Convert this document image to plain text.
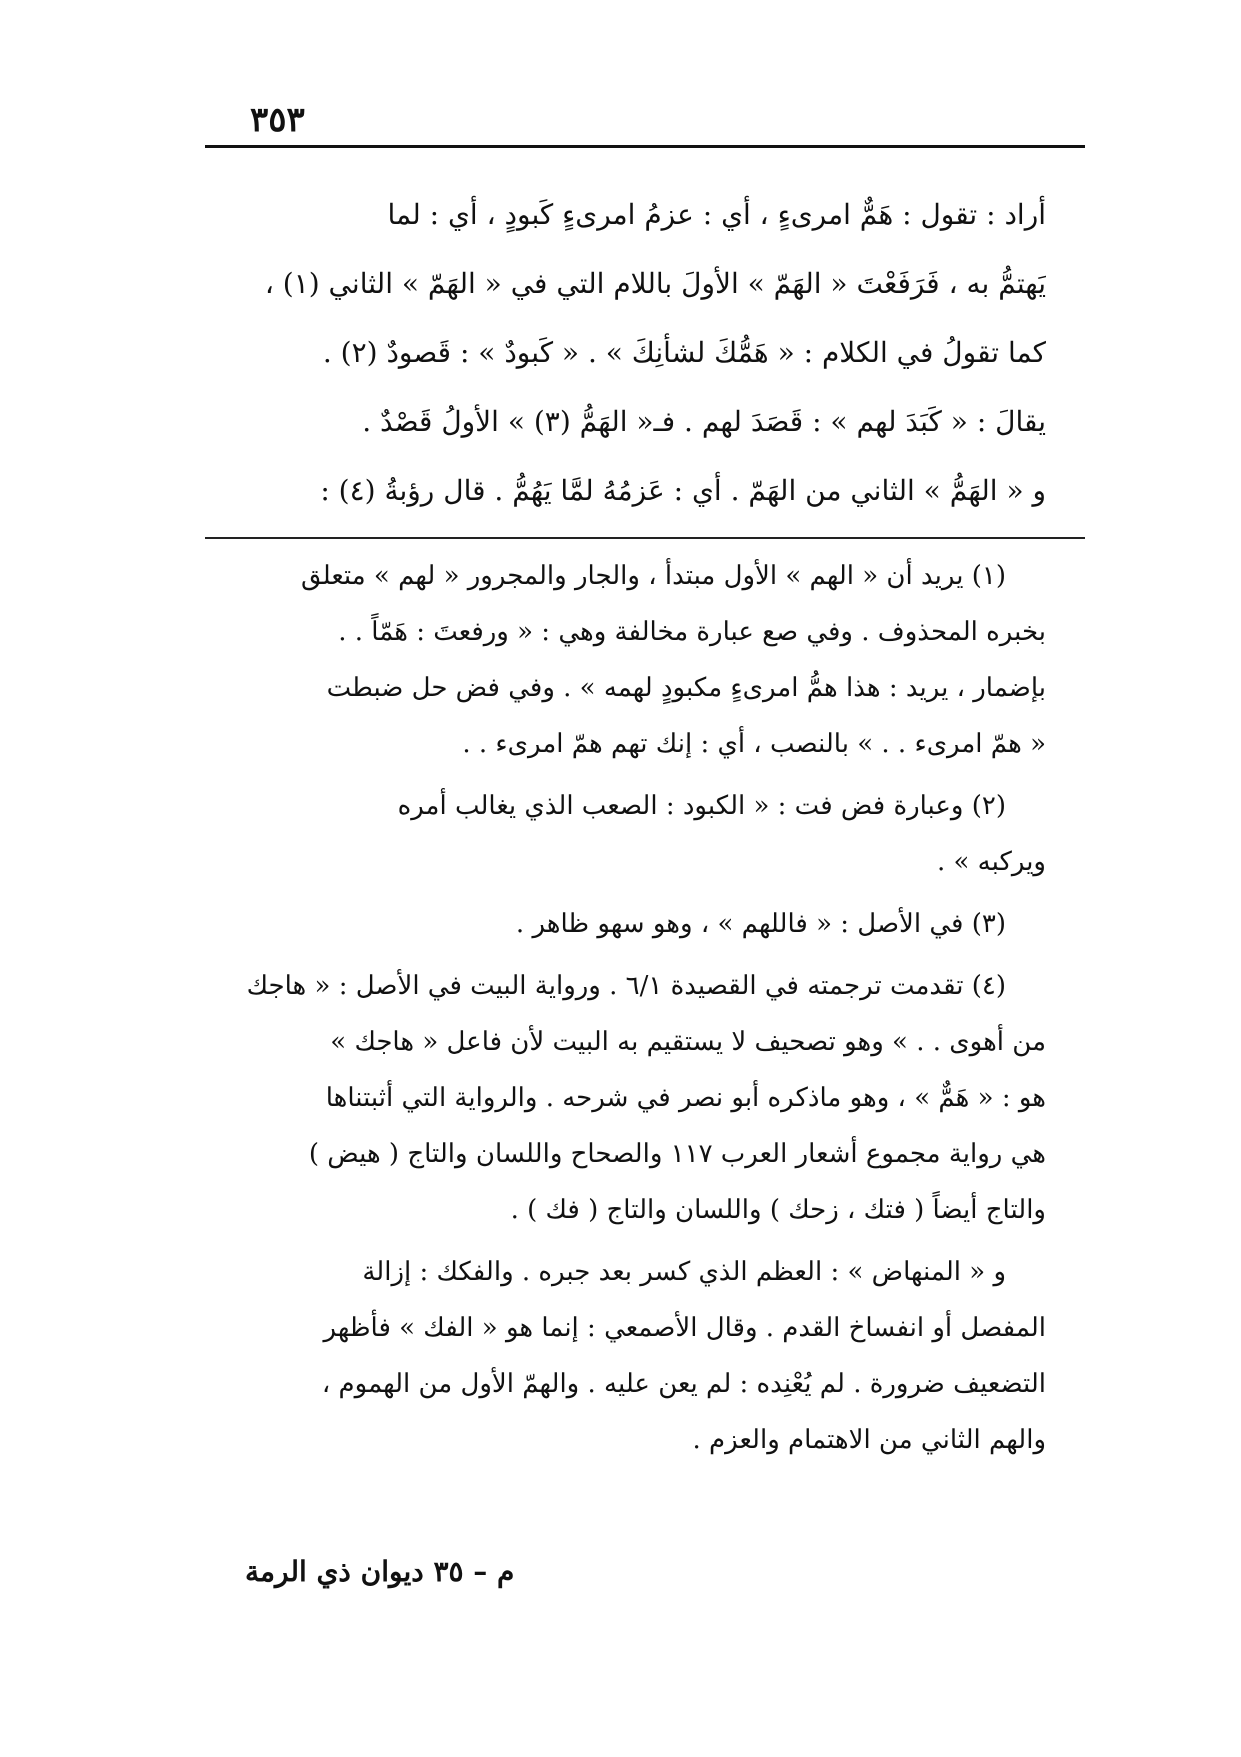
٣٥٣
أراد : تقول : هَمٌّ امرىءٍ ، أي : عزمُ امرىءٍ كَبودٍ ، أي : لما
يَهتمُّ به ، فَرَفَعْتَ « الهَمّ » الأولَ باللام التي في « الهَمّ » الثاني (١) ،
كما تقولُ في الكلام : « هَمُّكَ لشأنِكَ » . « كَبودٌ » : قَصودٌ (٢) .
يقالَ : « كَبَدَ لهم » : قَصَدَ لهم . فـ« الهَمُّ (٣) » الأولُ قَصْدٌ .
و « الهَمُّ » الثاني من الهَمّ . أي : عَزمُهُ لمَّا يَهُمُّ . قال رؤبةُ (٤) :
(١) يريد أن « الهم » الأول مبتدأ ، والجار والمجرور « لهم » متعلق
بخبره المحذوف . وفي صع عبارة مخالفة وهي : « ورفعتَ : هَمّاً . .
بإضمار ، يريد : هذا همُّ امرىءٍ مكبودٍ لهمه » . وفي فض حل ضبطت
« همّ امرىء . . » بالنصب ، أي : إنك تهم همّ امرىء . .
(٢) وعبارة فض فت : « الكبود : الصعب الذي يغالب أمره
ويركبه » .
(٣) في الأصل : « فاللهم » ، وهو سهو ظاهر .
(٤) تقدمت ترجمته في القصيدة ٦/١ . ورواية البيت في الأصل : « هاجك
من أهوى . . » وهو تصحيف لا يستقيم به البيت لأن فاعل « هاجك »
هو : « هَمٌّ » ، وهو ماذكره أبو نصر في شرحه . والرواية التي أثبتناها
هي رواية مجموع أشعار العرب ١١٧ والصحاح واللسان والتاج ( هيض )
والتاج أيضاً ( فتك ، زحك ) واللسان والتاج ( فك ) .
و « المنهاض » : العظم الذي كسر بعد جبره . والفكك : إزالة
المفصل أو انفساخ القدم . وقال الأصمعي : إنما هو « الفك » فأظهر
التضعيف ضرورة . لم يُعْنِده : لم يعن عليه . والهمّ الأول من الهموم ،
والهم الثاني من الاهتمام والعزم .
م – ٣٥ ديوان ذي الرمة
